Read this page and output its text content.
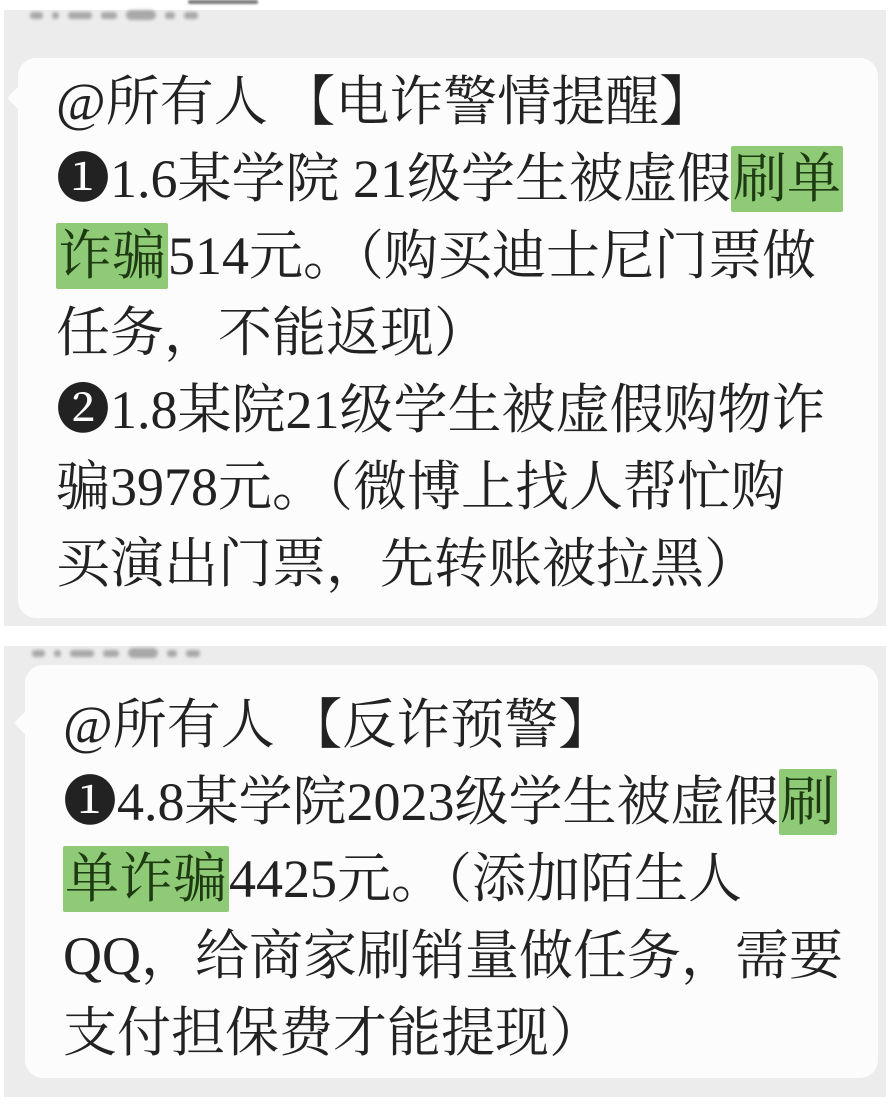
@所有人 【电诈警情提醒】
❶1.6某学院 21级学生被虚假刷单
诈骗514元。（购买迪士尼门票做
任务，不能返现）
❷1.8某院21级学生被虚假购物诈
骗3978元。（微博上找人帮忙购
买演出门票，先转账被拉黑）
@所有人 【反诈预警】
❶4.8某学院2023级学生被虚假刷
单诈骗4425元。（添加陌生人
QQ，给商家刷销量做任务，需要
支付担保费才能提现）
